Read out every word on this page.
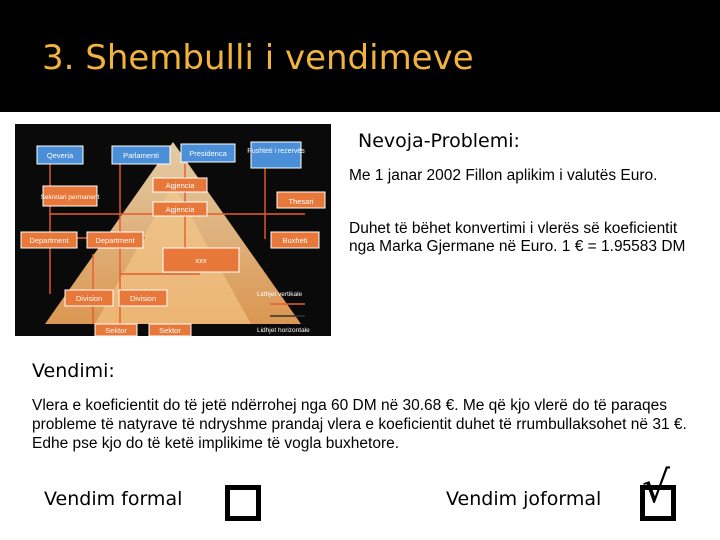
3. Shembulli i vendimeve
Qeveria	Parlamenti	Presidenca	Pushteti i rezervës
Sekretari permanent
Agjencia
Agjencia
Thesari
Department	Department	Buxheti
xxx
Division	Division
Sektor	Sektor
Lidhjet vertikale
Lidhjet horizontale
Nevoja-Problemi:
Me 1 janar 2002 Fillon aplikim i valutës Euro.
Duhet të bëhet konvertimi i vlerës së koeficientit nga Marka Gjermane në Euro. 1 € = 1.95583 DM
Vendimi:
Vlera e koeficientit do të jetë ndërrohej nga 60 DM në 30.68 €. Me që kjo vlerë do të paraqes probleme të natyrave të ndryshme prandaj vlera e koeficientit duhet të rrumbullaksohet në 31 €. Edhe pse kjo do të ketë implikime të vogla buxhetore.
Vendim formal	Vendim joformal √
